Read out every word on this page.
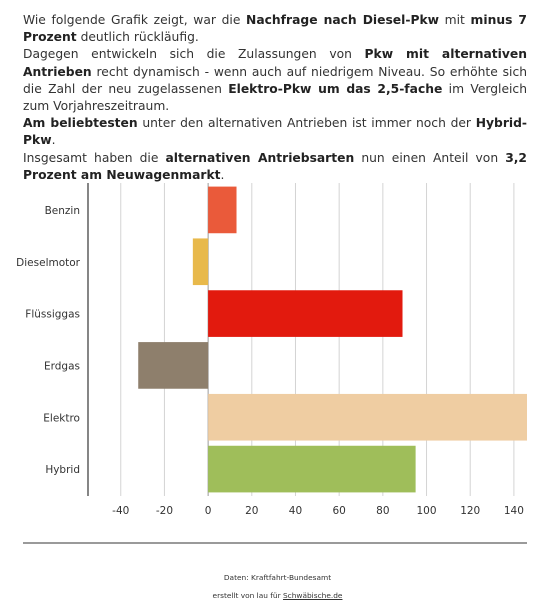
Wie folgende Grafik zeigt, war die Nachfrage nach Diesel-Pkw mit minus 7 Prozent deutlich rückläufig.

Dagegen entwickeln sich die Zulassungen von Pkw mit alternativen Antrieben recht dynamisch - wenn auch auf niedrigem Niveau. So erhöhte sich die Zahl der neu zugelassenen Elektro-Pkw um das 2,5-fache im Vergleich zum Vorjahreszeitraum.

Am beliebtesten unter den alternativen Antrieben ist immer noch der Hybrid-Pkw.

Insgesamt haben die alternativen Antriebsarten nun einen Anteil von 3,2 Prozent am Neuwagenmarkt.

Benzin
Dieselmotor
Flüssiggas
Erdgas
Elektro
Hybrid
-40	-20	0	20	40	60	80	100 120 140
Daten: Kraftfahrt-Bundesamt
erstellt von lau für Schwäbische.de
